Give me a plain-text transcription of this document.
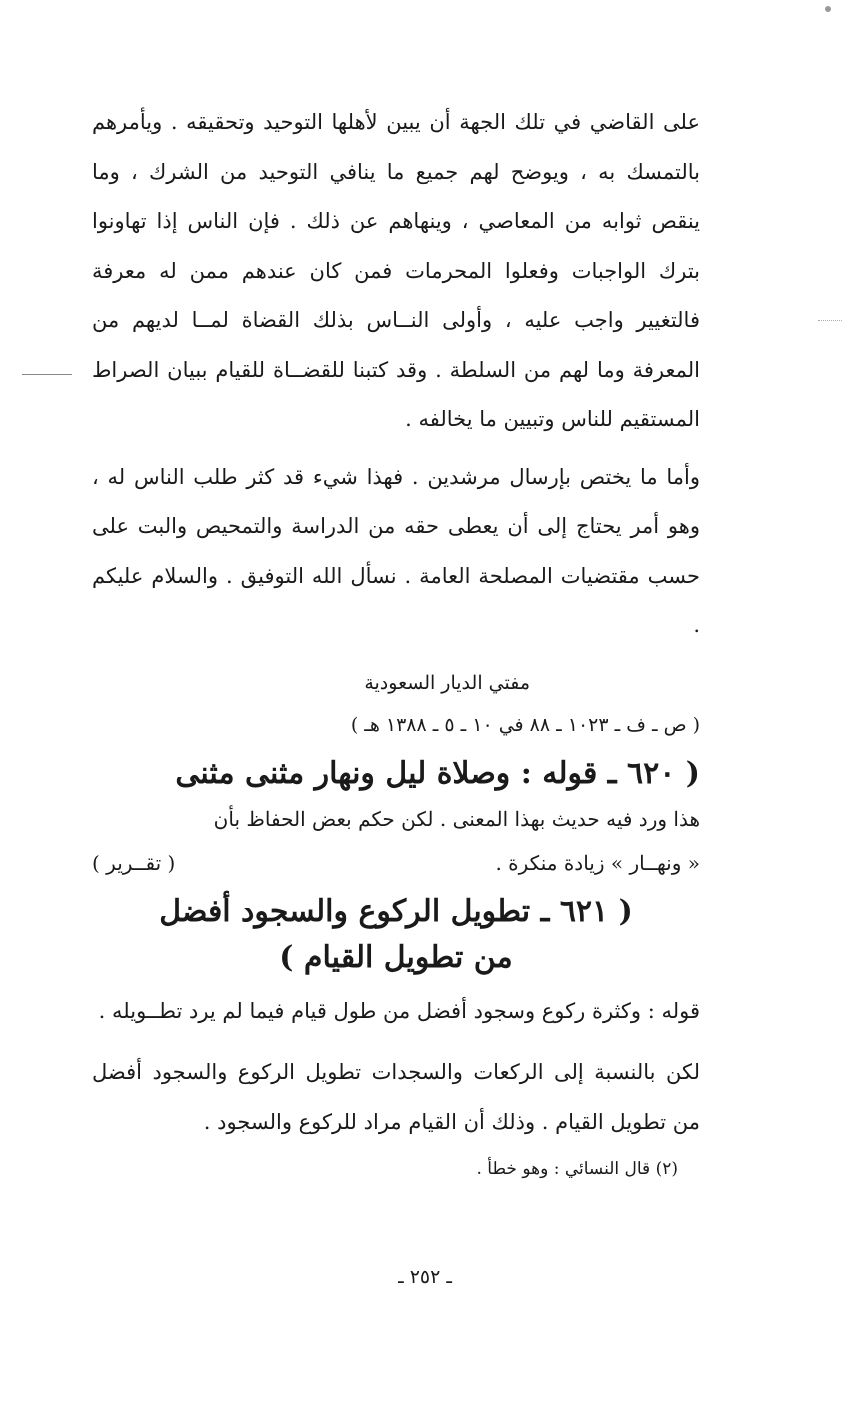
على القاضي في تلك الجهة أن يبين لأهلها التوحيد وتحقيقه . ويأمرهم بالتمسك به ، ويوضح لهم جميع ما ينافي التوحيد من الشرك ، وما ينقص ثوابه من المعاصي ، وينهاهم عن ذلك . فإن الناس إذا تهاونوا بترك الواجبات وفعلوا المحرمات فمن كان عندهم ممن له معرفة فالتغيير واجب عليه ، وأولى النــاس بذلك القضاة لمــا لديهم من المعرفة وما لهم من السلطة . وقد كتبنا للقضــاة للقيام ببيان الصراط المستقيم للناس وتبيين ما يخالفه .

وأما ما يختص بإرسال مرشدين . فهذا شيء قد كثر طلب الناس له ، وهو أمر يحتاج إلى أن يعطى حقه من الدراسة والتمحيص والبت على حسب مقتضيات المصلحة العامة . نسأل الله التوفيق . والسلام عليكم .

مفتي الديار السعودية

( ص ـ ف ـ ١٠٢٣ ـ ٨٨ في ١٠ ـ ٥ ـ ١٣٨٨ هـ )

( ٦٢٠ ـ قوله : وصلاة ليل ونهار مثنى مثنى

هذا ورد فيه حديث بهذا المعنى . لكن حكم بعض الحفاظ بأن

« ونهــار » زيادة منكرة .
( تقــرير )

( ٦٢١ ـ تطويل الركوع والسجود أفضل

من تطويل القيام )

قوله : وكثرة ركوع وسجود أفضل من طول قيام فيما لم يرد تطــويله .

لكن بالنسبة إلى الركعات والسجدات تطويل الركوع والسجود أفضل من تطويل القيام . وذلك أن القيام مراد للركوع والسجود .

(٢) قال النسائي : وهو خطأ .

ـ ٢٥٢ ـ
